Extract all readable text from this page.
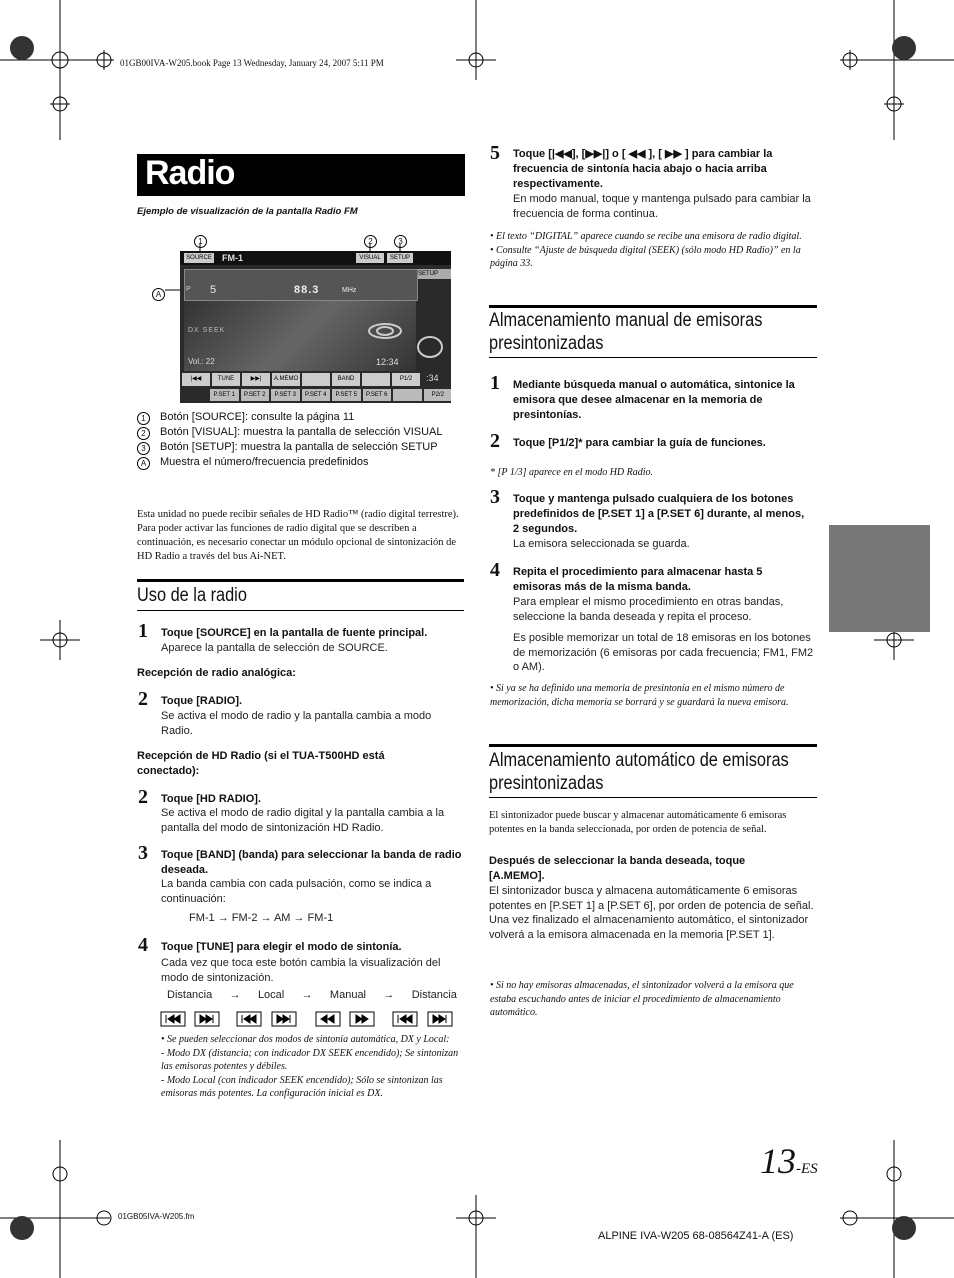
01GB00IVA-W205.book Page 13 Wednesday, January 24, 2007 5:11 PM
Radio
Ejemplo de visualización de la pantalla Radio FM
1	2	3
A
SOURCE FM-1	VISUAL	SETUP
SETUP
P 5	88.3	MHz
DX SEEK
Vol.: 22	12:34
:34
|◀◀	TUNE	▶▶|	A.MEMO	BAND	P1/2
P.SET 1	P.SET 2	P.SET 3	P.SET 4	P.SET 5	P.SET 6	P2/2
1	Botón [SOURCE]: consulte la página 11
2	Botón [VISUAL]: muestra la pantalla de selección VISUAL
3	Botón [SETUP]: muestra la pantalla de selección SETUP
A	Muestra el número/frecuencia predefinidos
Esta unidad no puede recibir señales de HD Radio™ (radio digital terrestre). Para poder activar las funciones de radio digital que se describen a continuación, es necesario conectar un módulo opcional de sintonización de HD Radio a través del bus Ai-NET.
Uso de la radio
1 Toque [SOURCE] en la pantalla de fuente principal.
Aparece la pantalla de selección de SOURCE.
Recepción de radio analógica:
2 Toque [RADIO].
Se activa el modo de radio y la pantalla cambia a modo Radio.
Recepción de HD Radio (si el TUA-T500HD está conectado):
2 Toque [HD RADIO].
Se activa el modo de radio digital y la pantalla cambia a la pantalla del modo de sintonización HD Radio.
3 Toque [BAND] (banda) para seleccionar la banda de radio deseada.
La banda cambia con cada pulsación, como se indica a continuación:
FM-1 → FM-2 → AM → FM-1
4 Toque [TUNE] para elegir el modo de sintonía.
Cada vez que toca este botón cambia la visualización del modo de sintonización.
Distancia → Local → Manual → Distancia
• Se pueden seleccionar dos modos de sintonía automática, DX y Local:
- Modo DX (distancia; con indicador DX SEEK encendido); Se sintonizan las emisoras potentes y débiles.
- Modo Local (con indicador SEEK encendido); Sólo se sintonizan las emisoras más potentes. La configuración inicial es DX.
5 Toque [|◀◀], [▶▶|] o [ ◀◀ ], [ ▶▶ ] para cambiar la frecuencia de sintonía hacia abajo o hacia arriba respectivamente.
En modo manual, toque y mantenga pulsado para cambiar la frecuencia de forma continua.
• El texto “DIGITAL” aparece cuando se recibe una emisora de radio digital.
• Consulte “Ajuste de búsqueda digital (SEEK) (sólo modo HD Radio)” en la página 33.
Almacenamiento manual de emisoras presintonizadas
1 Mediante búsqueda manual o automática, sintonice la emisora que desee almacenar en la memoria de presintonías.
2 Toque [P1/2]* para cambiar la guía de funciones.
* [P 1/3] aparece en el modo HD Radio.
3 Toque y mantenga pulsado cualquiera de los botones predefinidos de [P.SET 1] a [P.SET 6] durante, al menos, 2 segundos.
La emisora seleccionada se guarda.
4 Repita el procedimiento para almacenar hasta 5 emisoras más de la misma banda.
Para emplear el mismo procedimiento en otras bandas, seleccione la banda deseada y repita el proceso.
Es posible memorizar un total de 18 emisoras en los botones de memorización (6 emisoras por cada frecuencia; FM1, FM2 o AM).
• Si ya se ha definido una memoria de presintonía en el mismo número de memorización, dicha memoria se borrará y se guardará la nueva emisora.
Almacenamiento automático de emisoras presintonizadas
El sintonizador puede buscar y almacenar automáticamente 6 emisoras potentes en la banda seleccionada, por orden de potencia de señal.
Después de seleccionar la banda deseada, toque [A.MEMO].
El sintonizador busca y almacena automáticamente 6 emisoras potentes en [P.SET 1] a [P.SET 6], por orden de potencia de señal. Una vez finalizado el almacenamiento automático, el sintonizador volverá a la emisora almacenada en la memoria [P.SET 1].
• Si no hay emisoras almacenadas, el sintonizador volverá a la emisora que estaba escuchando antes de iniciar el procedimiento de almacenamiento automático.
13-ES
01GB05IVA-W205.fm
ALPINE IVA-W205 68-08564Z41-A (ES)
